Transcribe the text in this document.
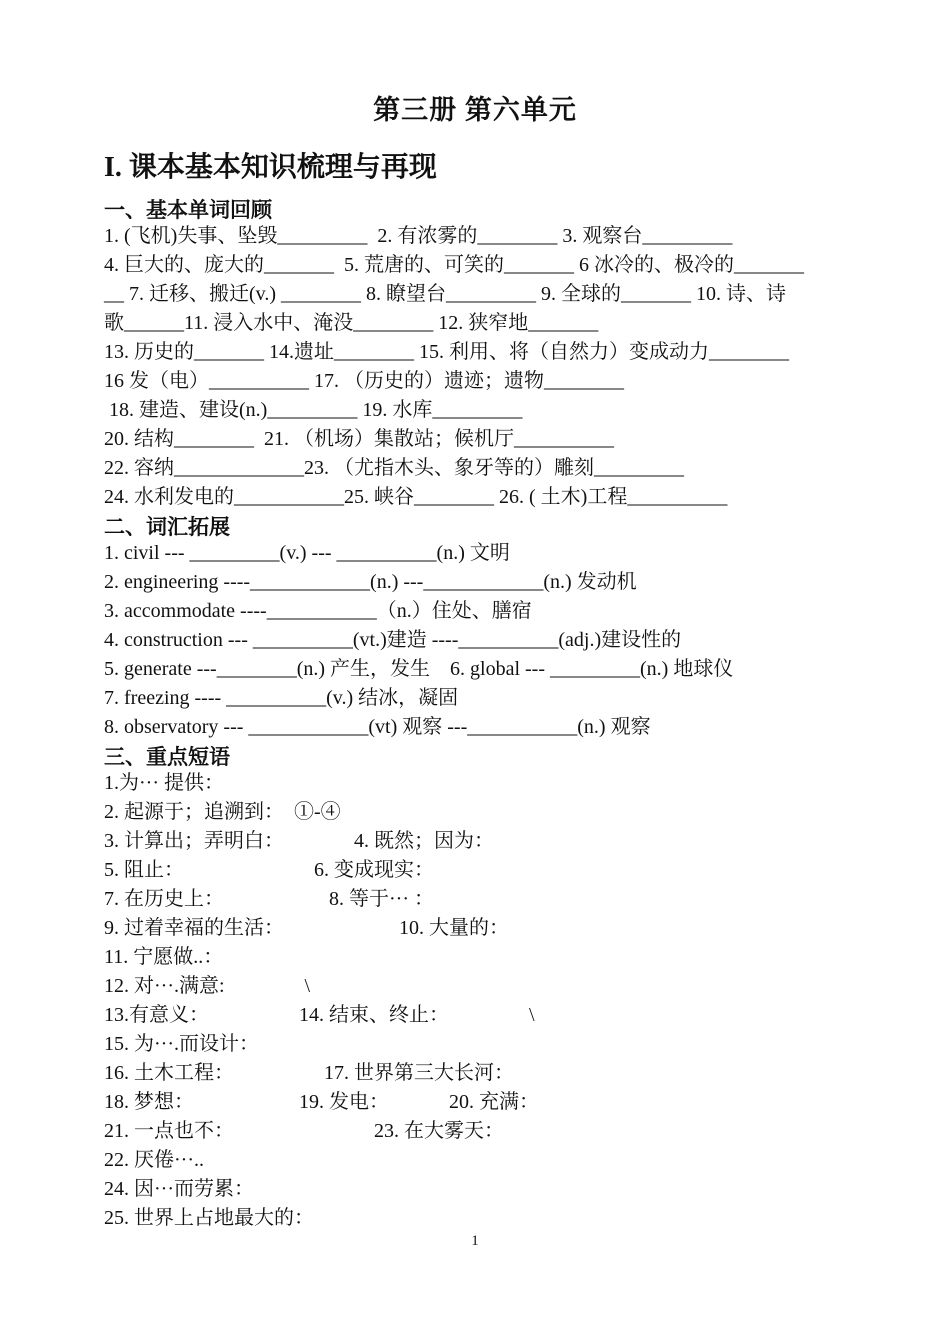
第三册 第六单元
I. 课本基本知识梳理与再现
一、基本单词回顾
1. (飞机)失事、坠毁_________  2. 有浓雾的________ 3. 观察台_________
4. 巨大的、庞大的_______  5. 荒唐的、可笑的_______ 6 冰冷的、极冷的_______
__ 7. 迁移、搬迁(v.) ________ 8. 瞭望台_________ 9. 全球的_______ 10. 诗、诗
歌______11. 浸入水中、淹没________ 12. 狭窄地_______
13. 历史的_______ 14.遗址________ 15. 利用、将（自然力）变成动力________
16 发（电）__________ 17. （历史的）遗迹；遗物________
18. 建造、建设(n.)_________ 19. 水库_________
20. 结构________  21. （机场）集散站；候机厅__________
22. 容纳_____________23. （尤指木头、象牙等的）雕刻_________
24. 水利发电的___________25. 峡谷________ 26. ( 土木)工程__________
二、词汇拓展
1. civil --- _________(v.) --- __________(n.) 文明
2. engineering ----____________(n.) ---____________(n.) 发动机
3. accommodate ----___________（n.）住处、膳宿
4. construction --- __________(vt.)建造 ----__________(adj.)建设性的
5. generate ---________(n.) 产生，发生    6. global --- _________(n.) 地球仪
7. freezing ---- __________(v.) 结冰，凝固
8. observatory --- ____________(vt) 观察 ---___________(n.) 观察
三、重点短语
1.为··· 提供：
2. 起源于；追溯到：  ①-④
3. 计算出；弄明白：              4. 既然；因为：
5. 阻止：                          6. 变成现实：
7. 在历史上：                     8. 等于··· ：
9. 过着幸福的生活：                       10. 大量的：
11. 宁愿做..：
12. 对···.满意:                \
13.有意义：                  14. 结束、终止：                \
15. 为···.而设计：
16. 土木工程：                  17. 世界第三大长河：
18. 梦想：                     19. 发电：            20. 充满：
21. 一点也不：                            23. 在大雾天：
22. 厌倦···..
24. 因···而劳累：
25. 世界上占地最大的：
1
